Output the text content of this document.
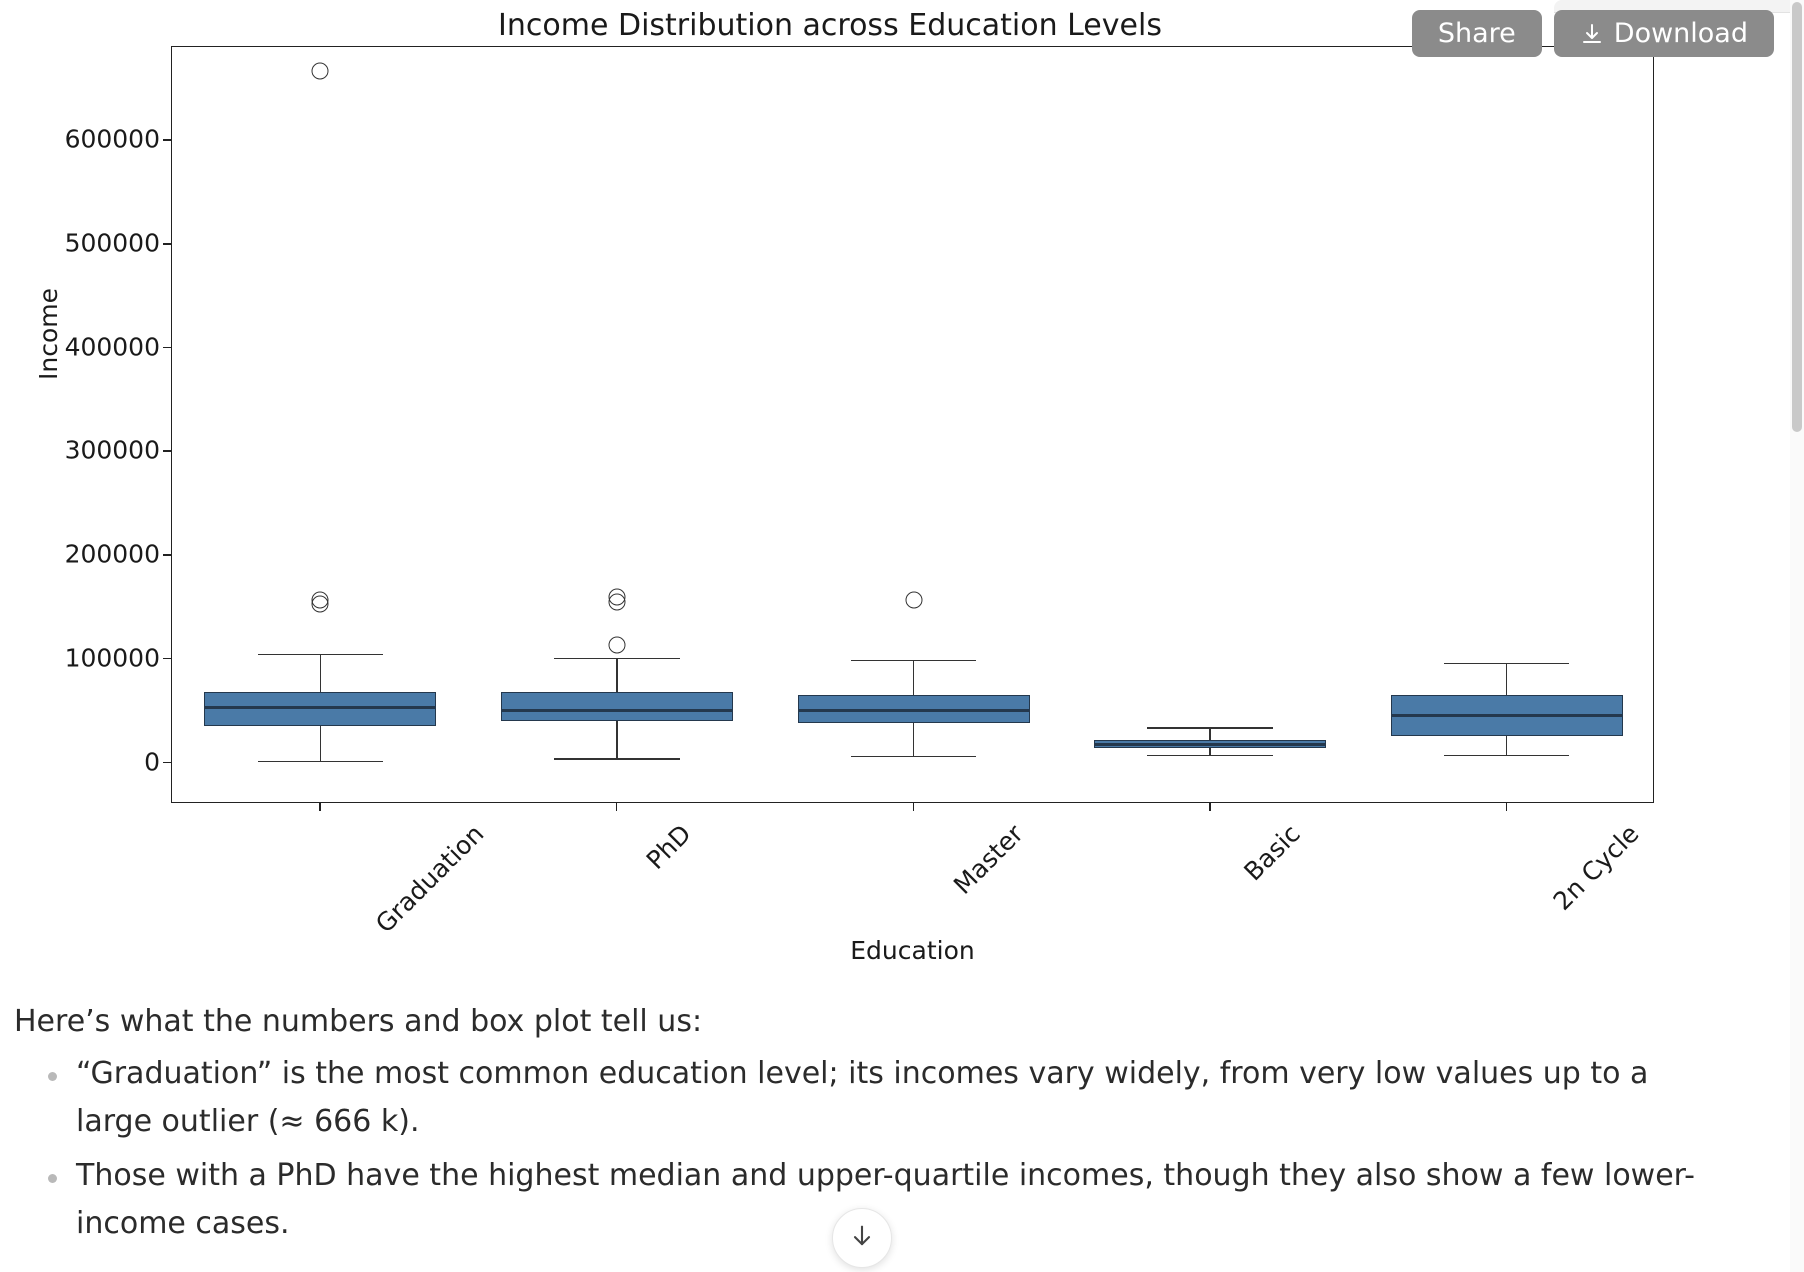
Share	Download
Income Distribution across Education Levels
Income
Education
0
100000
200000
300000
400000
500000
600000
Graduation	PhD	Master	Basic	2n Cycle

Here’s what the numbers and box plot tell us:

“Graduation” is the most common education level; its incomes vary widely, from very low values up to a large outlier (≈ 666 k).
Those with a PhD have the highest median and upper-quartile incomes, though they also show a few lower-income cases.
